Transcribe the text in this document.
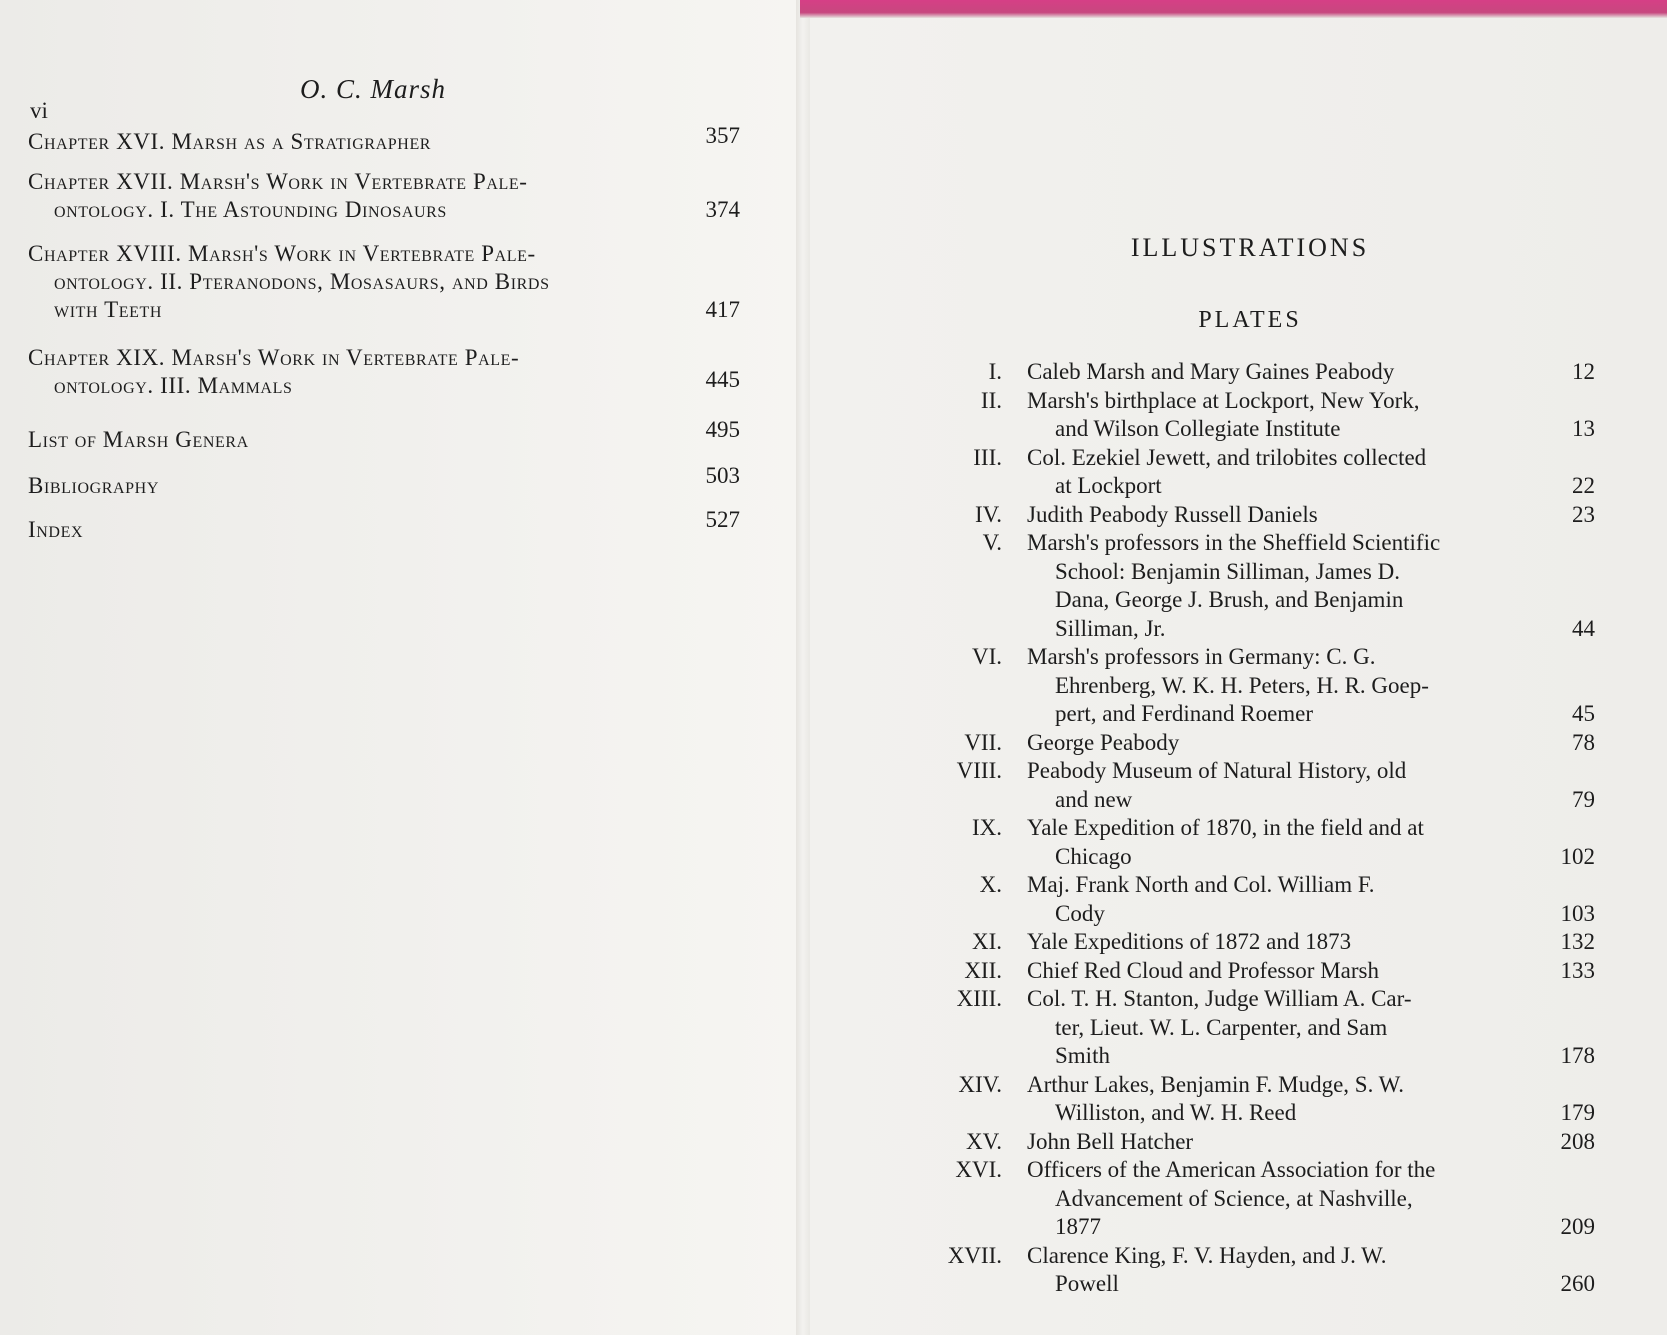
O. C. Marsh
vi
Chapter XVI. Marsh as a Stratigrapher	357
Chapter XVII. Marsh's Work in Vertebrate Pale-
ontology. I. The Astounding Dinosaurs	374
Chapter XVIII. Marsh's Work in Vertebrate Pale-
ontology. II. Pteranodons, Mosasaurs, and Birds
with Teeth	417
Chapter XIX. Marsh's Work in Vertebrate Pale-
ontology. III. Mammals	445
List of Marsh Genera	495
Bibliography	503
Index	527
ILLUSTRATIONS
PLATES
I. Caleb Marsh and Mary Gaines Peabody	12
II. Marsh's birthplace at Lockport, New York,
and Wilson Collegiate Institute	13
III. Col. Ezekiel Jewett, and trilobites collected
at Lockport	22
IV. Judith Peabody Russell Daniels	23
V. Marsh's professors in the Sheffield Scientific
School: Benjamin Silliman, James D.
Dana, George J. Brush, and Benjamin
Silliman, Jr.	44
VI. Marsh's professors in Germany: C. G.
Ehrenberg, W. K. H. Peters, H. R. Goep-
pert, and Ferdinand Roemer	45
VII. George Peabody	78
VIII. Peabody Museum of Natural History, old
and new	79
IX. Yale Expedition of 1870, in the field and at
Chicago	102
X. Maj. Frank North and Col. William F.
Cody	103
XI. Yale Expeditions of 1872 and 1873	132
XII. Chief Red Cloud and Professor Marsh	133
XIII. Col. T. H. Stanton, Judge William A. Car-
ter, Lieut. W. L. Carpenter, and Sam
Smith	178
XIV. Arthur Lakes, Benjamin F. Mudge, S. W.
Williston, and W. H. Reed	179
XV. John Bell Hatcher	208
XVI. Officers of the American Association for the
Advancement of Science, at Nashville,
1877	209
XVII. Clarence King, F. V. Hayden, and J. W.
Powell	260
